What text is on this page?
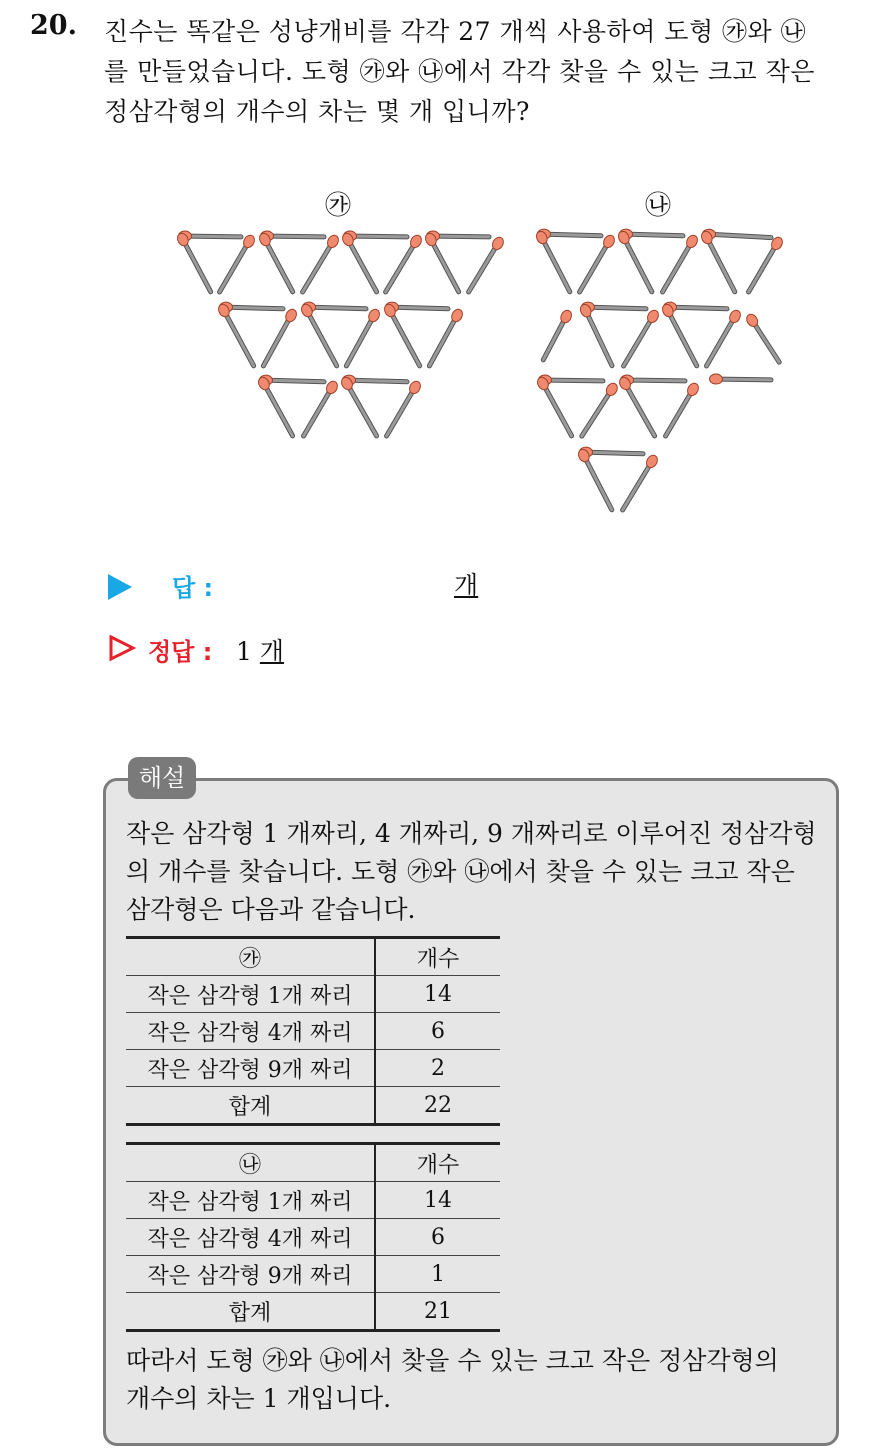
20. 진수는 똑같은 성냥개비를 각각 27 개씩 사용하여 도형 ㉮와 ㉯

를 만들었습니다. 도형 ㉮와 ㉯에서 각각 찾을 수 있는 크고 작은

정삼각형의 개수의 차는 몇 개 입니까?

㉮	㉯
답 :	개
정답 : 1 개
해설

작은 삼각형 1 개짜리, 4 개짜리, 9 개짜리로 이루어진 정삼각형

의 개수를 찾습니다. 도형 ㉮와 ㉯에서 찾을 수 있는 크고 작은

삼각형은 다음과 같습니다.

㉮	개수
작은 삼각형 1개 짜리	14
작은 삼각형 4개 짜리	6
작은 삼각형 9개 짜리	2
합계	22
㉯	개수
작은 삼각형 1개 짜리	14
작은 삼각형 4개 짜리	6
작은 삼각형 9개 짜리	1
합계	21

따라서 도형 ㉮와 ㉯에서 찾을 수 있는 크고 작은 정삼각형의

개수의 차는 1 개입니다.
